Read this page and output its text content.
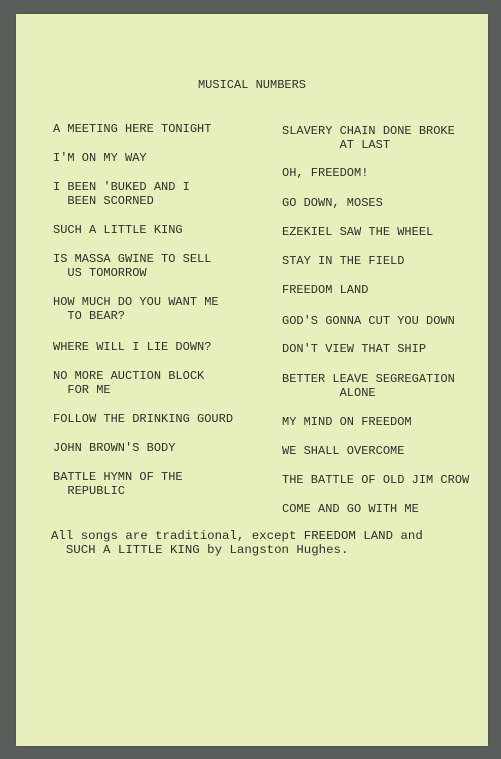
MUSICAL NUMBERS
A MEETING HERE TONIGHT
I'M ON MY WAY
I BEEN 'BUKED AND I
BEEN SCORNED
SUCH A LITTLE KING
IS MASSA GWINE TO SELL
US TOMORROW
HOW MUCH DO YOU WANT ME
TO BEAR?
WHERE WILL I LIE DOWN?
NO MORE AUCTION BLOCK
FOR ME
FOLLOW THE DRINKING GOURD
JOHN BROWN'S BODY
BATTLE HYMN OF THE
REPUBLIC
SLAVERY CHAIN DONE BROKE
AT LAST
OH, FREEDOM!
GO DOWN, MOSES
EZEKIEL SAW THE WHEEL
STAY IN THE FIELD
FREEDOM LAND
GOD'S GONNA CUT YOU DOWN
DON'T VIEW THAT SHIP
BETTER LEAVE SEGREGATION
ALONE
MY MIND ON FREEDOM
WE SHALL OVERCOME
THE BATTLE OF OLD JIM CROW
COME AND GO WITH ME
All songs are traditional, except FREEDOM LAND and
SUCH A LITTLE KING by Langston Hughes.
